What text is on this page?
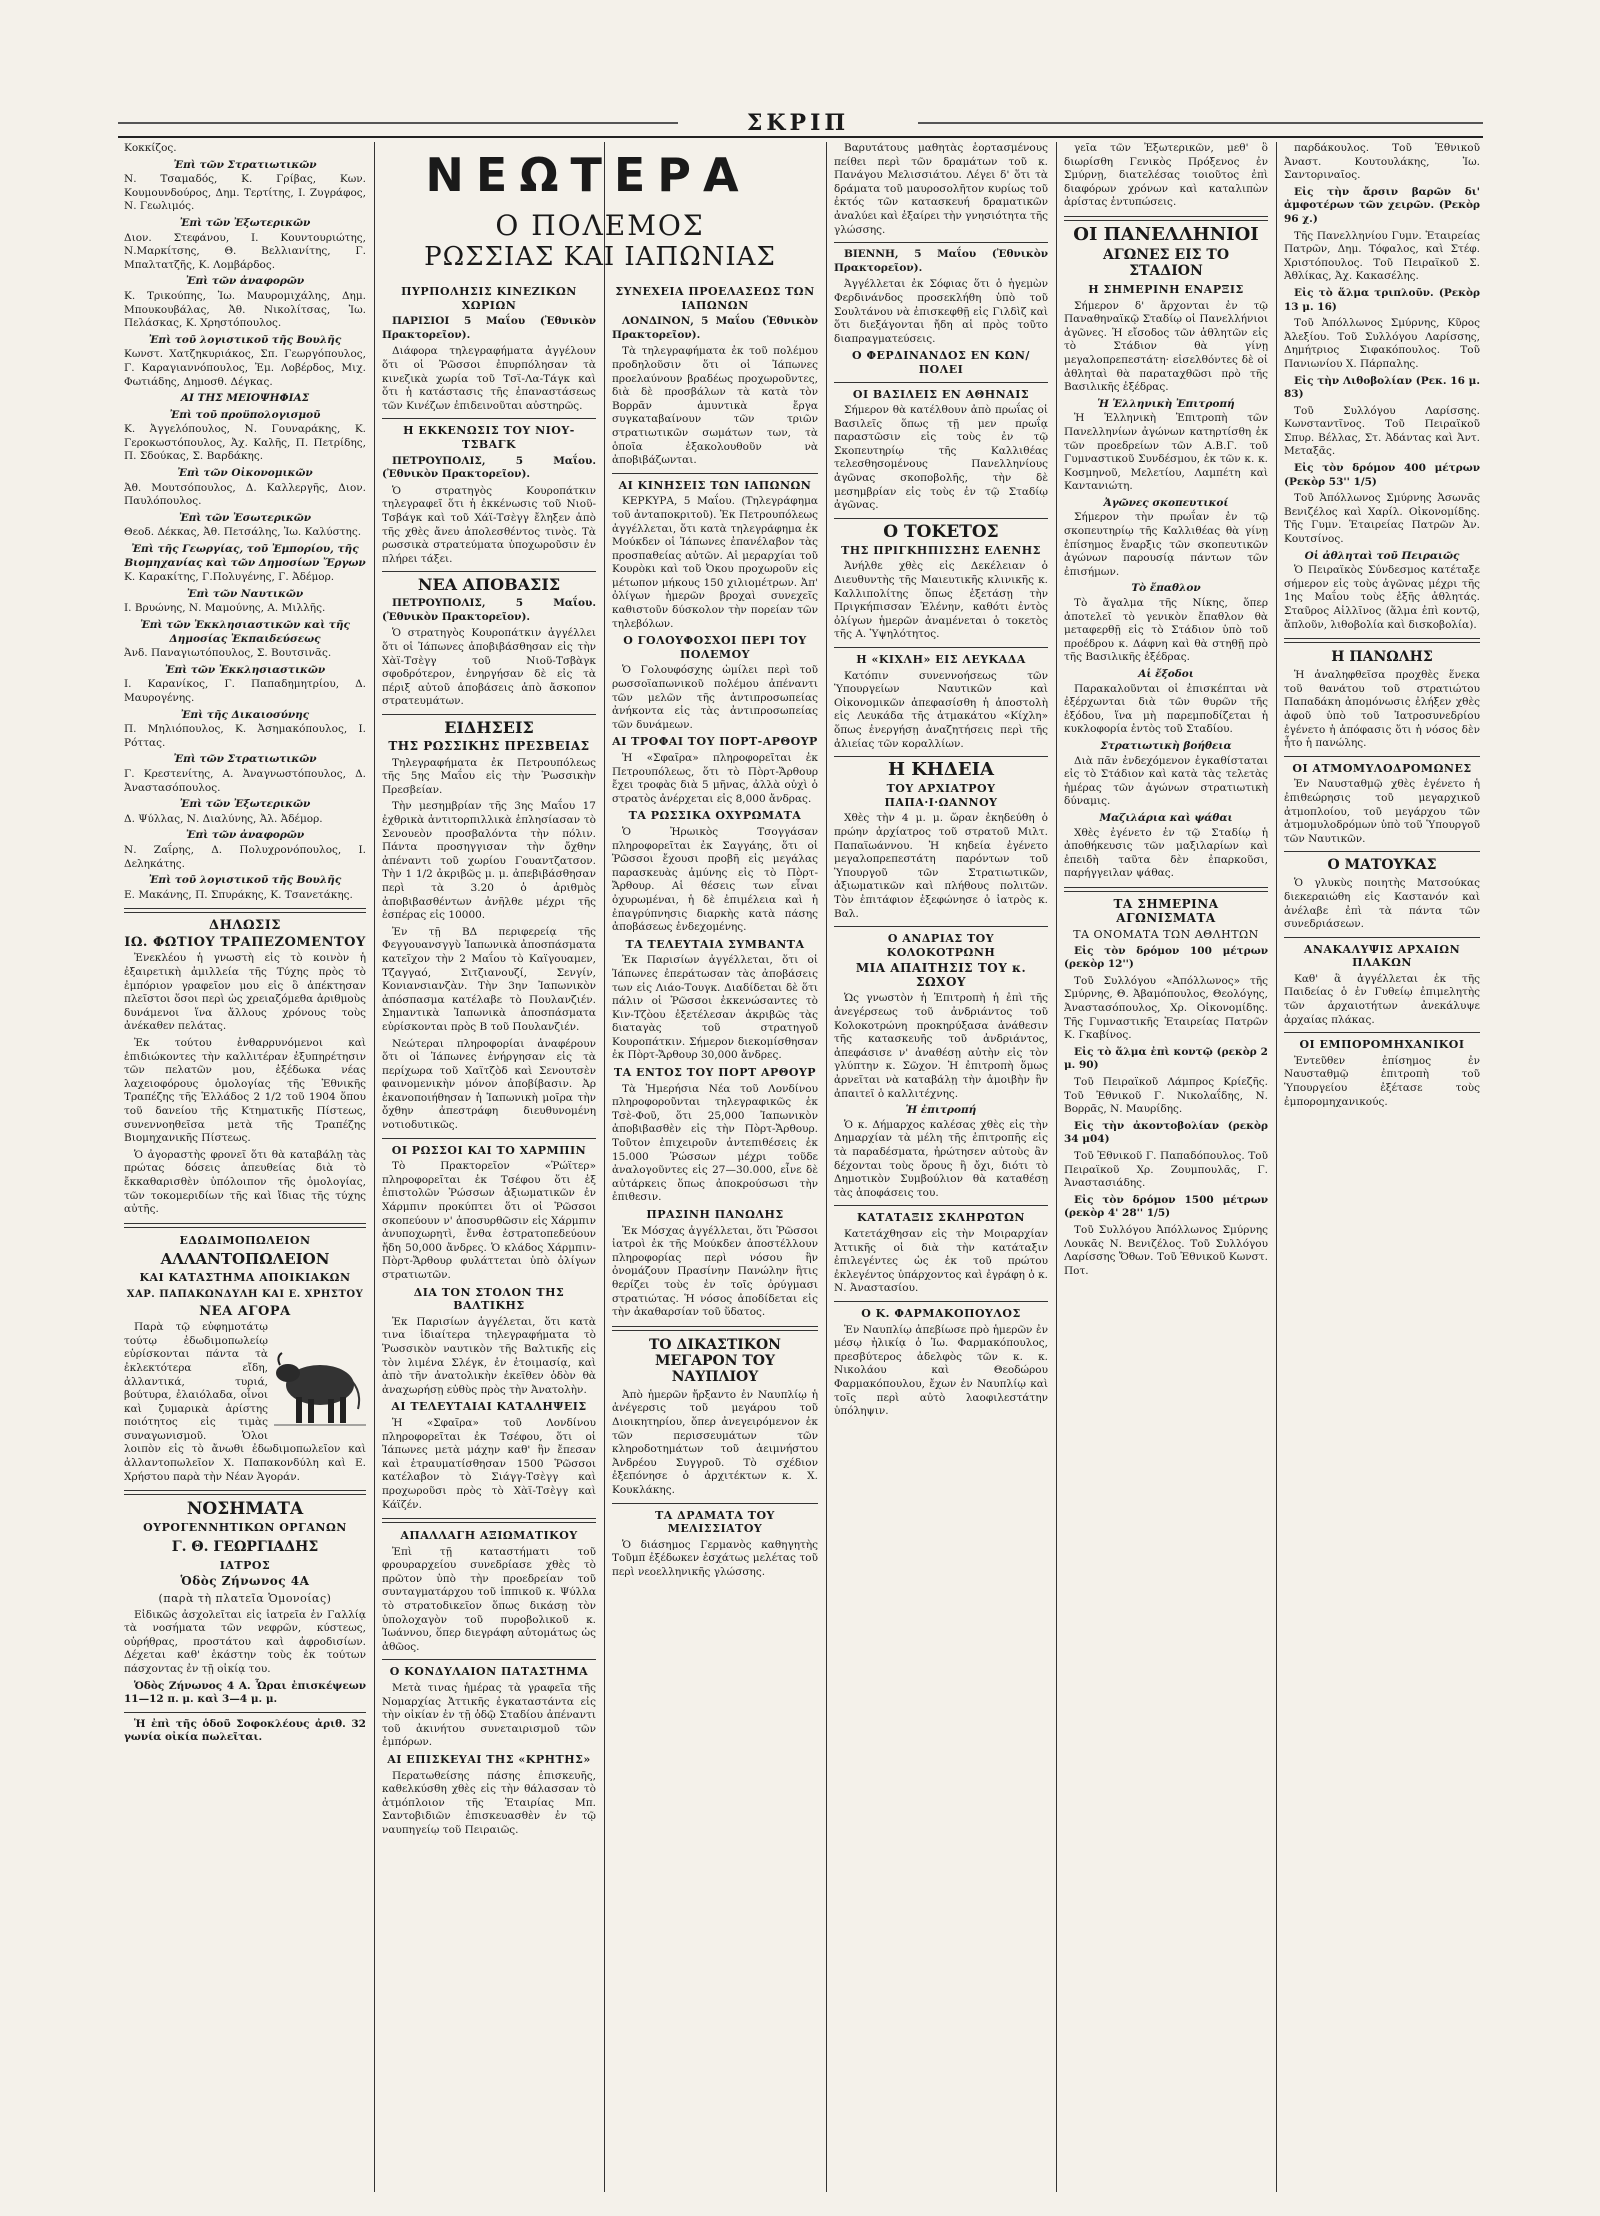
ΣΚΡΙΠ

Κοκκίζος.

Ἐπὶ τῶν Στρατιωτικῶν

Ν. Τσαμαδός, Κ. Γρίβας, Κων. Κουμουνδούρος, Δημ. Τερτίτης, Ι. Ζυγράφος, Ν. Γεωλιμός.

Ἐπὶ τῶν Ἐξωτερικῶν

Διον. Στεφάνου, Ι. Κουντουριώτης, Ν.Μαρκίτσης, Θ. Βελλιανίτης, Γ. Μπαλτατζῆς, Κ. Λομβάρδος.

Ἐπὶ τῶν ἀναφορῶν

Κ. Τρικούπης, Ἰω. Μαυρομιχάλης, Δημ. Μπουκουβάλας, Ἀθ. Νικολίτσας, Ἰω. Πελάσκας, Κ. Χρηστόπουλος.

Ἐπὶ τοῦ λογιστικοῦ τῆς Βουλῆς

Κωνστ. Χατζηκυριάκος, Σπ. Γεωργόπουλος, Γ. Καραγιαννόπουλος, Ἐμ. Λοβέρδος, Μιχ. Φωτιάδης, Δημοσθ. Δέγκας.

ΑΙ ΤΗΣ ΜΕΙΟΨΗΦΙΑΣ
Ἐπὶ τοῦ προϋπολογισμοῦ

Κ. Ἀγγελόπουλος, Ν. Γουναράκης, Κ. Γεροκωστόπουλος, Ἀχ. Καλῆς, Π. Πετρίδης, Π. Σδούκας, Σ. Βαρδάκης.

Ἐπὶ τῶν Οἰκονομικῶν

Ἀθ. Μουτσόπουλος, Δ. Καλλεργῆς, Διον. Παυλόπουλος.

Ἐπὶ τῶν Ἐσωτερικῶν

Θεοδ. Δέκκας, Ἀθ. Πετσάλης, Ἰω. Καλύστης.

Ἐπὶ τῆς Γεωργίας, τοῦ Ἐμπορίου, τῆς Βιομηχανίας καὶ τῶν Δημοσίων Ἔργων

Κ. Καρακίτης, Γ.Πολυγένης, Γ. Ἀδέμορ.

Ἐπὶ τῶν Ναυτικῶν

Ι. Βρυώνης, Ν. Μαμούνης, Α. Μιλλῆς.

Ἐπὶ τῶν Ἐκκλησιαστικῶν καὶ τῆς Δημοσίας Ἐκπαιδεύσεως

Ἀνδ. Παναγιωτόπουλος, Σ. Βουτσινᾶς.

Ἐπὶ τῶν Ἐκκλησιαστικῶν

Ι. Καρανίκος, Γ. Παπαδημητρίου, Δ. Μαυρογένης.

Ἐπὶ τῆς Δικαιοσύνης

Π. Μηλιόπουλος, Κ. Ἀσημακόπουλος, Ι. Ρόττας.

Ἐπὶ τῶν Στρατιωτικῶν

Γ. Κρεστενίτης, Α. Ἀναγνωστόπουλος, Δ. Ἀναστασόπουλος.

Ἐπὶ τῶν Ἐξωτερικῶν

Δ. Ψύλλας, Ν. Διαλύνης, Ἀλ. Ἀδέμορ.

Ἐπὶ τῶν ἀναφορῶν

Ν. Ζαΐρης, Δ. Πολυχρονόπουλος, Ι. Δεληκάτης.

Ἐπὶ τοῦ λογιστικοῦ τῆς Βουλῆς

Ε. Μακάνης, Π. Σπυράκης, Κ. Τσανετάκης.

ΔΗΛΩΣΙΣ
ΙΩ. ΦΩΤΙΟΥ ΤΡΑΠΕΖΟΜΕΝΤΟΥ

Ἐνεκλέου ἡ γνωστὴ εἰς τὸ κοινὸν ἡ ἐξαιρετικὴ ἀμιλλεία τῆς Τύχης πρὸς τὸ ἐμπόριον γραφεῖον μου εἰς ὃ ἀπέκτησαν πλεῖστοι ὅσοι περὶ ὡς χρειαζόμεθα ἀριθμοὺς δυνάμενοι ἵνα ἄλλους χρόνους τοὺς ἀνέκαθεν πελάτας.

Ἐκ τούτου ἐνθαρρυνόμενοι καὶ ἐπιδιώκοντες τὴν καλλιτέραν ἐξυπηρέτησιν τῶν πελατῶν μου, ἐξέδωκα νέας λαχειοφόρους ὁμολογίας τῆς Ἐθνικῆς Τραπέζης τῆς Ἑλλάδος 2 1/2 τοῦ 1904 ὅπου τοῦ δανείου τῆς Κτηματικῆς Πίστεως, συνεννοηθεῖσα μετὰ τῆς Τραπέζης Βιομηχανικῆς Πίστεως.

Ὁ ἀγοραστὴς φρονεῖ ὅτι θὰ καταβάλῃ τὰς πρώτας δόσεις ἀπευθείας διὰ τὸ ἔκκαθαρισθὲν ὑπόλοιπον τῆς ὁμολογίας, τῶν τοκομεριδίων τῆς καὶ ἴδιας τῆς τύχης αὐτῆς.

ΕΔΩΔΙΜΟΠΩΛΕΙΟΝ
ΑΛΛΑΝΤΟΠΩΛΕΙΟΝ
ΚΑΙ ΚΑΤΑΣΤΗΜΑ ΑΠΟΙΚΙΑΚΩΝ
ΧΑΡ. ΠΑΠΑΚΩΝΔΥΛΗ ΚΑΙ Ε. ΧΡΗΣΤΟΥ
ΝΕΑ ΑΓΟΡΑ

Παρὰ τῷ εὐφημοτάτῳ τούτῳ ἐδωδιμοπωλείῳ εὑρίσκονται πάντα τὰ ἐκλεκτότερα εἴδη, ἀλλαντικά, τυριά, βούτυρα, ἐλαιόλαδα, οἶνοι καὶ ζυμαρικὰ ἀρίστης ποιότητος εἰς τιμὰς συναγωνισμοῦ. Ὁλοι λοιπὸν εἰς τὸ ἄνωθι ἐδωδιμοπωλεῖον καὶ ἀλλαντοπωλεῖον Χ. Παπακονδύλη καὶ Ε. Χρήστου παρὰ τὴν Νέαν Ἀγοράν.

ΝΟΣΗΜΑΤΑ
ΟΥΡΟΓΕΝΝΗΤΙΚΩΝ ΟΡΓΑΝΩΝ
Γ. Θ. ΓΕΩΡΓΙΑΔΗΣ
ΙΑΤΡΟΣ
Ὁδὸς Ζήνωνος 4Α
(παρὰ τὴ πλατεῖα Ὁμονοίας)

Εἰδικῶς ἀσχολεῖται εἰς ἰατρεῖα ἐν Γαλλίᾳ τὰ νοσήματα τῶν νεφρῶν, κύστεως, οὐρήθρας, προστάτου καὶ ἀφροδισίων. Δέχεται καθ' ἑκάστην τοὺς ἐκ τούτων πάσχοντας ἐν τῇ οἰκίᾳ του.

Ὁδὸς Ζήνωνος 4 Α. Ὧραι ἐπισκέψεων 11—12 π. μ. καὶ 3—4 μ. μ.

Ἡ ἐπὶ τῆς ὁδοῦ Σοφοκλέους ἀριθ. 32 γωνία οἰκία πωλεῖται.

ΝΕΩΤΕΡΑ
Ο ΠΟΛΕΜΟΣ
ΡΩΣΣΙΑΣ ΚΑΙ ΙΑΠΩΝΙΑΣ
ΠΥΡΠΟΛΗΣΙΣ ΚΙΝΕΖΙΚΩΝ ΧΩΡΙΩΝ

ΠΑΡΙΣΙΟΙ 5 Μαΐου (Ἐθνικὸν Πρακτορεῖον).

Διάφορα τηλεγραφήματα ἀγγέλουν ὅτι οἱ Ῥῶσσοι ἐπυρπόλησαν τὰ κινεζικὰ χωρία τοῦ Τσϊ-Λα-Τάγκ καὶ ὅτι ἡ κατάστασις τῆς ἐπαναστάσεως τῶν Κινέζων ἐπιδεινοῦται αὐστηρῶς.

Η ΕΚΚΕΝΩΣΙΣ ΤΟΥ ΝΙΟΥ-ΤΣΒΑΓΚ

ΠΕΤΡΟΥΠΟΛΙΣ, 5 Μαΐου. (Ἐθνικὸν Πρακτορεῖον).

Ὁ στρατηγὸς Κουροπάτκιν τηλεγραφεῖ ὅτι ἡ ἐκκένωσις τοῦ Νιοῦ-Τσβάγκ καὶ τοῦ Χάϊ-Τσὲγγ ἔληξεν ἀπὸ τῆς χθὲς ἄνευ ἀπολεσθέντος τινὸς. Τὰ ρωσσικὰ στρατεύματα ὑποχωροῦσιν ἐν πλήρει τάξει.

ΝΕΑ ΑΠΟΒΑΣΙΣ

ΠΕΤΡΟΥΠΟΛΙΣ, 5 Μαΐου. (Ἐθνικὸν Πρακτορεῖον).

Ὁ στρατηγὸς Κουροπάτκιν ἀγγέλλει ὅτι οἱ Ἰάπωνες ἀποβιβάσθησαν εἰς τὴν Χὰϊ-Τσὲγγ τοῦ Νιοῦ-Τσβὰγκ σφοδρότερον, ἐνηργήσαν δὲ εἰς τὰ πέριξ αὐτοῦ ἀποβάσεις ἀπὸ ἄσκοπον στρατευμάτων.

ΕΙΔΗΣΕΙΣ
ΤΗΣ ΡΩΣΣΙΚΗΣ ΠΡΕΣΒΕΙΑΣ

Τηλεγραφήματα ἐκ Πετρουπόλεως τῆς 5ης Μαΐου εἰς τὴν Ῥωσσικὴν Πρεσβείαν.

Τὴν μεσημβρίαν τῆς 3ης Μαΐου 17 ἐχθρικὰ ἀντιτορπιλλικὰ ἐπλησίασαν τὸ Σενουεὸν προσβαλόντα τὴν πόλιν. Πάντα προσηγγισαν τὴν ὄχθην ἀπέναντι τοῦ χωρίου Γουαντζατσον. Τὴν 1 1/2 ἀκριβῶς μ. μ. ἀπεβιβάσθησαν περὶ τὰ 3.20 ὁ ἀριθμὸς ἀποβιβασθέντων ἀνῆλθε μέχρι τῆς ἐσπέρας εἰς 10000.

Ἐν τῇ ΒΔ περιφερείᾳ τῆς Φεγγουανσγγὺ Ἰαπωνικὰ ἀποσπάσματα κατεῖχον τὴν 2 Μαΐου τὸ Καϊγουαμεν, Τζαγγαό, Σιτζιανουζί, Σενγίν, Κονιανσιανζὰν. Τὴν 3ην Ἰαπωνικὸν ἀπόσπασμα κατέλαβε τὸ Πουλανζιέν. Σημαντικὰ Ἰαπωνικὰ ἀποσπάσματα εὑρίσκονται πρὸς Β τοῦ Πουλανζιέν.

Νεώτεραι πληροφορίαι ἀναφέρουν ὅτι οἱ Ἰάπωνες ἐνήργησαν εἰς τὰ περίχωρα τοῦ Χαϊτζὸδ καὶ Σενουτσὲν φαινομενικὴν μόνον ἀποβίβασιν. Ἀρ ἐκανοποιήθησαν ἡ Ἰαπωνικὴ μοῖρα τὴν ὄχθην ἀπεστράφη διευθυνομένη νοτιοδυτικῶς.

ΟΙ ΡΩΣΣΟΙ ΚΑΙ ΤΟ ΧΑΡΜΠΙΝ

Τὸ Πρακτορεῖον «Ῥώϊτερ» πληροφορεῖται ἐκ Τσέφου ὅτι ἐξ ἐπιστολῶν Ῥώσσων ἀξιωματικῶν ἐν Χάρμπιν προκύπτει ὅτι οἱ Ῥῶσσοι σκοπεύουν ν' ἀποσυρθῶσιν εἰς Χάρμπιν ἀνυποχωρητὶ, ἔνθα ἐστρατοπεδεύουν ἤδη 50,000 ἄνδρες. Ὁ κλάδος Χάρμπιν-Πὸρτ-Ἄρθουρ φυλάττεται ὑπὸ ὀλίγων στρατιωτῶν.

ΔΙΑ ΤΟΝ ΣΤΟΛΟΝ ΤΗΣ ΒΑΛΤΙΚΗΣ

Ἐκ Παρισίων ἀγγέλεται, ὅτι κατὰ τινα ἰδιαίτερα τηλεγραφήματα τὸ Ῥωσσικὸν ναυτικὸν τῆς Βαλτικῆς εἰς τὸν λιμένα Σλέγκ, ἐν ἐτοιμασίᾳ, καὶ ἀπὸ τῆν ἀνατολικὴν ἐκεῖθεν ὁδὸν θὰ ἀναχωρήσῃ εὐθὺς πρὸς τὴν Ἀνατολὴν.

ΑΙ ΤΕΛΕΥΤΑΙΑΙ ΚΑΤΑΛΗΨΕΙΣ

Ἡ «Σφαῖρα» τοῦ Λονδίνου πληροφορεῖται ἐκ Τσέφου, ὅτι οἱ Ἰάπωνες μετὰ μάχην καθ' ἣν ἔπεσαν καὶ ἐτραυματίσθησαν 1500 Ῥῶσσοι κατέλαβον τὸ Σιάγγ-Τσὲγγ καὶ προχωροῦσι πρὸς τὸ Χὰϊ-Τσὲγγ καὶ Κάϊζέν.

ΑΠΑΛΛΑΓΗ ΑΞΙΩΜΑΤΙΚΟΥ

Ἐπὶ τῇ καταστήματι τοῦ φρουραρχείου συνεδρίασε χθὲς τὸ πρῶτον ὑπὸ τὴν προεδρείαν τοῦ συνταγματάρχου τοῦ ἱππικοῦ κ. Ψύλλα τὸ στρατοδικεῖον ὅπως δικάσῃ τὸν ὑπολοχαγὸν τοῦ πυροβολικοῦ κ. Ἰωάννου, ὅπερ διεγράφη αὐτομάτως ὡς ἀθῶος.

Ο ΚΟΝΔΥΛΑΙΟΝ ΠΑΤΑΣΤΗΜΑ

Μετὰ τινας ἡμέρας τὰ γραφεῖα τῆς Νομαρχίας Ἀττικῆς ἐγκαταστάντα εἰς τὴν οἰκίαν ἐν τῇ ὁδῷ Σταδίου ἀπέναντι τοῦ ἀκινήτου συνεταιρισμοῦ τῶν ἐμπόρων.

ΑΙ ΕΠΙΣΚΕΥΑΙ ΤΗΣ «ΚΡΗΤΗΣ»

Περατωθείσης πάσης ἐπισκευῆς, καθελκύσθη χθὲς εἰς τὴν θάλασσαν τὸ ἀτμόπλοιον τῆς Ἑταιρίας Μπ. Σαντοβιδιῶν ἐπισκευασθὲν ἐν τῷ ναυπηγείῳ τοῦ Πειραιῶς.

ΣΥΝΕΧΕΙΑ ΠΡΟΕΛΑΣΕΩΣ ΤΩΝ ΙΑΠΩΝΩΝ

ΛΟΝΔΙΝΟΝ, 5 Μαΐου (Ἐθνικὸν Πρακτορεῖον).

Τὰ τηλεγραφήματα ἐκ τοῦ πολέμου προδηλοῦσιν ὅτι οἱ Ἰάπωνες προελαύνουν βραδέως προχωροῦντες, διὰ δὲ προσβάλων τὰ κατὰ τὸν Βορρᾶν ἀμυντικὰ ἔργα συγκαταβαίνουν τῶν τριῶν στρατιωτικῶν σωμάτων των, τὰ ὁποῖα ἐξακολουθοῦν νὰ ἀποβιβάζωνται.

ΑΙ ΚΙΝΗΣΕΙΣ ΤΩΝ ΙΑΠΩΝΩΝ

ΚΕΡΚΥΡΑ, 5 Μαΐου. (Τηλεγράφημα τοῦ ἀνταποκριτοῦ). Ἐκ Πετρουπόλεως ἀγγέλλεται, ὅτι κατὰ τηλεγράφημα ἐκ Μούκδεν οἱ Ἰάπωνες ἐπανέλαβον τὰς προσπαθείας αὐτῶν. Αἱ μεραρχίαι τοῦ Κουρὸκι καὶ τοῦ Ὀκου προχωροῦν εἰς μέτωπον μήκους 150 χιλιομέτρων. Ἀπ' ὀλίγων ἡμερῶν βροχαὶ συνεχεῖς καθιστοῦν δύσκολον τὴν πορείαν τῶν τηλεβόλων.

Ο ΓΟΛΟΥΦΟΣΧΟΙ ΠΕΡΙ ΤΟΥ ΠΟΛΕΜΟΥ

Ὁ Γολουφόσχης ὡμίλει περὶ τοῦ ρωσσοϊαπωνικοῦ πολέμου ἀπέναντι τῶν μελῶν τῆς ἀντιπροσωπείας ἀνήκοντα εἰς τὰς ἀντιπροσωπείας τῶν δυνάμεων.

ΑΙ ΤΡΟΦΑΙ ΤΟΥ ΠΟΡΤ-ΑΡΘΟΥΡ

Ἡ «Σφαῖρα» πληροφορεῖται ἐκ Πετρουπόλεως, ὅτι τὸ Πὸρτ-Ἄρθουρ ἔχει τροφὰς διὰ 5 μῆνας, ἀλλὰ οὐχὶ ὁ στρατὸς ἀνέρχεται εἰς 8,000 ἄνδρας.

ΤΑ ΡΩΣΣΙΚΑ ΟΧΥΡΩΜΑΤΑ

Ὁ Ἠρωικὸς Τσογγάσαν πληροφορεῖται ἐκ Σαγγάης, ὅτι οἱ Ῥῶσσοι ἔχουσι προβῆ εἰς μεγάλας παρασκευὰς ἀμύνης εἰς τὸ Πὸρτ-Ἄρθουρ. Αἱ θέσεις των εἶναι ὀχυρωμέναι, ἡ δὲ ἐπιμέλεια καὶ ἡ ἐπαγρύπνησις διαρκὴς κατὰ πάσης ἀποβάσεως ἐνδεχομένης.

ΤΑ ΤΕΛΕΥΤΑΙΑ ΣΥΜΒΑΝΤΑ

Ἐκ Παρισίων ἀγγέλλεται, ὅτι οἱ Ἰάπωνες ἐπεράτωσαν τὰς ἀποβάσεις των εἰς Λιάο-Τουγκ. Διαδίδεται δὲ ὅτι πάλιν οἱ Ῥῶσσοι ἐκκενώσαντες τὸ Κιν-Τζὸου ἐξετέλεσαν ἀκριβῶς τὰς διαταγὰς τοῦ στρατηγοῦ Κουροπάτκιν. Σήμερον διεκομίσθησαν ἐκ Πὸρτ-Ἄρθουρ 30,000 ἄνδρες.

ΤΑ ΕΝΤΟΣ ΤΟΥ ΠΟΡΤ ΑΡΘΟΥΡ

Τὰ Ἡμερήσια Νέα τοῦ Λονδίνου πληροφοροῦνται τηλεγραφικῶς ἐκ Τσὲ-Φοῦ, ὅτι 25,000 Ἰαπωνικὸν ἀποβιβασθὲν εἰς τὴν Πὸρτ-Ἄρθουρ. Τοῦτον ἐπιχειροῦν ἀντεπιθέσεις ἐκ 15.000 Ῥώσσων μέχρι τοῦδε ἀναλογοῦντες εἰς 27—30.000, εἶνε δὲ αὐτάρκεις ὅπως ἀποκρούσωσι τὴν ἐπιθεσιν.

ΠΡΑΣΙΝΗ ΠΑΝΩΛΗΣ

Ἐκ Μόσχας ἀγγέλλεται, ὅτι Ῥῶσσοι ἰατροὶ ἐκ τῆς Μούκδεν ἀποστέλλουν πληροφορίας περὶ νόσου ἣν ὀνομάζουν Πρασίνην Πανώλην ἣτις θερίζει τοὺς ἐν τοῖς ὀρύγμασι στρατιώτας. Ἡ νόσος ἀποδίδεται εἰς τὴν ἀκαθαρσίαν τοῦ ὕδατος.

ΤΟ ΔΙΚΑΣΤΙΚΟΝ ΜΕΓΑΡΟΝ ΤΟΥ ΝΑΥΠΛΙΟΥ

Ἀπὸ ἡμερῶν ἤρξαντο ἐν Ναυπλίῳ ἡ ἀνέγερσις τοῦ μεγάρου τοῦ Διοικητηρίου, ὅπερ ἀνεγειρόμενον ἐκ τῶν περισσευμάτων τῶν κληροδοτημάτων τοῦ ἀειμνήστου Ἀνδρέου Συγγροῦ. Τὸ σχέδιον ἐξεπόνησε ὁ ἀρχιτέκτων κ. Χ. Κουκλάκης.

ΤΑ ΔΡΑΜΑΤΑ ΤΟΥ ΜΕΛΙΣΣΙΑΤΟΥ

Ὁ διάσημος Γερμανὸς καθηγητὴς Τοῦμπ ἐξέδωκεν ἐσχάτως μελέτας τοῦ περὶ νεοελληνικῆς γλώσσης.

Βαρυτάτους μαθητὰς ἑορτασμένους πείθει περὶ τῶν δραμάτων τοῦ κ. Πανάγου Μελισσιάτου. Λέγει δ' ὅτι τὰ δράματα τοῦ μαυροσολῆτον κυρίως τοῦ ἐκτός τῶν κατασκευή δραματικῶν ἀναλύει καὶ ἐξαίρει τὴν γνησιότητα τῆς γλώσσης.

ΒΙΕΝΝΗ, 5 Μαΐου (Ἐθνικὸν Πρακτορεῖον).

Ἀγγέλλεται ἐκ Σόφιας ὅτι ὁ ἡγεμὼν Φερδινάνδος προσεκλήθη ὑπὸ τοῦ Σουλτάνου νὰ ἐπισκεφθῇ εἰς Γιλδὶζ καὶ ὅτι διεξάγονται ἤδη αἱ πρὸς τοῦτο διαπραγματεύσεις.

Ο ΦΕΡΔΙΝΑΝΔΟΣ ΕΝ ΚΩΝ/ΠΟΛΕΙ
ΟΙ ΒΑΣΙΛΕΙΣ ΕΝ ΑΘΗΝΑΙΣ

Σήμερον θὰ κατέλθουν ἀπὸ πρωΐας οἱ Βασιλεῖς ὅπως τῇ μεν πρωΐᾳ παραστῶσιν εἰς τοὺς ἐν τῷ Σκοπευτηρίῳ τῆς Καλλιθέας τελεσθησομένους Πανελληνίους ἀγῶνας σκοποβολῆς, τὴν δὲ μεσημβρίαν εἰς τοὺς ἐν τῷ Σταδίῳ ἀγῶνας.

Ο ΤΟΚΕΤΟΣ
ΤΗΣ ΠΡΙΓΚΗΠΙΣΣΗΣ ΕΛΕΝΗΣ

Ἀνήλθε χθὲς εἰς Δεκέλειαν ὁ Διευθυντὴς τῆς Μαιευτικῆς κλινικῆς κ. Καλλιπολίτης ὅπως ἐξετάσῃ τὴν Πριγκήπισσαν Ἑλένην, καθότι ἐντὸς ὀλίγων ἡμερῶν ἀναμένεται ὁ τοκετὸς τῆς Α. Ὑψηλότητος.

Η «ΚΙΧΛΗ» ΕΙΣ ΛΕΥΚΑΔΑ

Κατόπιν συνεννοήσεως τῶν Ὑπουργείων Ναυτικῶν καὶ Οἰκονομικῶν ἀπεφασίσθη ἡ ἀποστολὴ εἰς Λευκάδα τῆς ἀτμακάτου «Κίχλη» ὅπως ἐνεργήσῃ ἀναζητήσεις περὶ τῆς ἁλιείας τῶν κοραλλίων.

Η ΚΗΔΕΙΑ
ΤΟΥ ΑΡΧΙΑΤΡΟΥ ΠΑΠΑ·Ι·ΩΑΝΝΟΥ

Χθὲς τὴν 4 μ. μ. ὥραν ἐκηδεύθη ὁ πρώην ἀρχίατρος τοῦ στρατοῦ Μιλτ. Παπαϊωάννου. Ἡ κηδεία ἐγένετο μεγαλοπρεπεστάτη παρόντων τοῦ Ὑπουργοῦ τῶν Στρατιωτικῶν, ἀξιωματικῶν καὶ πλήθους πολιτῶν. Τὸν ἐπιτάφιον ἐξεφώνησε ὁ ἰατρὸς κ. Βαλ.

Ο ΑΝΔΡΙΑΣ ΤΟΥ ΚΟΛΟΚΟΤΡΩΝΗ
ΜΙΑ ΑΠΑΙΤΗΣΙΣ ΤΟΥ κ. ΣΩΧΟΥ

Ὡς γνωστὸν ἡ Ἐπιτροπὴ ἡ ἐπὶ τῆς ἀνεγέρσεως τοῦ ἀνδριάντος τοῦ Κολοκοτρώνη προκηρύξασα ἀνάθεσιν τῆς κατασκευῆς τοῦ ἀνδριάντος, ἀπεφάσισε ν' ἀναθέσῃ αὐτὴν εἰς τὸν γλύπτην κ. Σῶχον. Ἡ ἐπιτροπὴ ὅμως ἀρνεῖται νὰ καταβάλῃ τὴν ἀμοιβὴν ἣν ἀπαιτεῖ ὁ καλλιτέχνης.

Ἡ ἐπιτροπή

Ὁ κ. Δήμαρχος καλέσας χθὲς εἰς τὴν Δημαρχίαν τὰ μέλη τῆς ἐπιτροπῆς εἰς τὰ παραδέσματα, ἠρώτησεν αὐτοὺς ἂν δέχονται τοὺς ὅρους ἢ ὄχι, διότι τὸ Δημοτικὸν Συμβούλιον θὰ καταθέσῃ τὰς ἀποφάσεις του.

ΚΑΤΑΤΑΞΙΣ ΣΚΛΗΡΩΤΩΝ

Κατετάχθησαν εἰς τὴν Μοιραρχίαν Ἀττικῆς οἱ διὰ τὴν κατάταξιν ἐπιλεγέντες ὡς ἐκ τοῦ πρώτου ἐκλεγέντος ὑπάρχοντος καὶ ἐγράφη ὁ κ. Ν. Ἀναστασίου.

Ο Κ. ΦΑΡΜΑΚΟΠΟΥΛΟΣ

Ἐν Ναυπλίῳ ἀπεβίωσε πρὸ ἡμερῶν ἐν μέσῳ ἡλικίᾳ ὁ Ἰω. Φαρμακόπουλος, πρεσβύτερος ἀδελφὸς τῶν κ. κ. Νικολάου καὶ Θεοδώρου Φαρμακόπουλου, ἔχων ἐν Ναυπλίῳ καὶ τοῖς περὶ αὐτὸ λαοφιλεστάτην ὑπόληψιν.

γεῖα τῶν Ἐξωτερικῶν, μεθ' ὃ διωρίσθη Γενικὸς Πρόξενος ἐν Σμύρνῃ, διατελέσας τοιοῦτος ἐπὶ διαφόρων χρόνων καὶ καταλιπὼν ἀρίστας ἐντυπώσεις.

ΟΙ ΠΑΝΕΛΛΗΝΙΟΙ
ΑΓΩΝΕΣ ΕΙΣ ΤΟ ΣΤΑΔΙΟΝ
Η ΣΗΜΕΡΙΝΗ ΕΝΑΡΞΙΣ

Σήμερον δ' ἄρχονται ἐν τῷ Παναθηναϊκῷ Σταδίῳ οἱ Πανελλήνιοι ἀγῶνες. Ἡ εἴσοδος τῶν ἀθλητῶν εἰς τὸ Στάδιον θὰ γίνῃ μεγαλοπρεπεστάτη· εἰσελθόντες δὲ οἱ ἀθληταὶ θὰ παραταχθῶσι πρὸ τῆς Βασιλικῆς ἐξέδρας.

Ἡ Ἑλληνικὴ Ἐπιτροπή

Ἡ Ἑλληνικὴ Ἐπιτροπὴ τῶν Πανελληνίων ἀγώνων κατηρτίσθη ἐκ τῶν προεδρείων τῶν Α.Β.Γ. τοῦ Γυμναστικοῦ Συνδέσμου, ἐκ τῶν κ. κ. Κοσμηνοῦ, Μελετίου, Λαμπέτη καὶ Καντανιώτη.

Ἀγῶνες σκοπευτικοί

Σήμερον τὴν πρωΐαν ἐν τῷ σκοπευτηρίῳ τῆς Καλλιθέας θὰ γίνῃ ἐπίσημος ἔναρξις τῶν σκοπευτικῶν ἀγώνων παρουσίᾳ πάντων τῶν ἐπισήμων.

Τὸ ἔπαθλον

Τὸ ἄγαλμα τῆς Νίκης, ὅπερ ἀποτελεῖ τὸ γενικὸν ἔπαθλον θὰ μεταφερθῇ εἰς τὸ Στάδιον ὑπὸ τοῦ προέδρου κ. Δάφνη καὶ θὰ στηθῇ πρὸ τῆς Βασιλικῆς ἐξέδρας.

Αἱ ἔξοδοι

Παρακαλοῦνται οἱ ἐπισκέπται νὰ ἐξέρχωνται διὰ τῶν θυρῶν τῆς ἐξόδου, ἵνα μὴ παρεμποδίζεται ἡ κυκλοφορία ἐντὸς τοῦ Σταδίου.

Στρατιωτικὴ βοήθεια

Διὰ πᾶν ἐνδεχόμενον ἐγκαθίσταται εἰς τὸ Στάδιον καὶ κατὰ τὰς τελετὰς ἡμέρας τῶν ἀγώνων στρατιωτικὴ δύναμις.

Μαζιλάρια καὶ ψάθαι

Χθὲς ἐγένετο ἐν τῷ Σταδίῳ ἡ ἀποθήκευσις τῶν μαξιλαρίων καὶ ἐπειδὴ ταῦτα δὲν ἐπαρκοῦσι, παρήγγειλαν ψάθας.

ΤΑ ΣΗΜΕΡΙΝΑ ΑΓΩΝΙΣΜΑΤΑ
ΤΑ ΟΝΟΜΑΤΑ ΤΩΝ ΑΘΛΗΤΩΝ

Εἰς τὸν δρόμον 100 μέτρων (ρεκὸρ 12'')

Τοῦ Συλλόγου «Ἀπόλλωνος» τῆς Σμύρνης, Θ. Ἀβαμόπουλος, Θεολόγης, Ἀναστασόπουλος, Χρ. Οἰκονομίδης. Τῆς Γυμναστικῆς Ἑταιρείας Πατρῶν Κ. Γκαβίνος.

Εἰς τὸ ἅλμα ἐπὶ κοντῷ (ρεκὸρ 2 μ. 90)

Τοῦ Πειραϊκοῦ Λάμπρος Κρίεζῆς. Τοῦ Ἐθνικοῦ Γ. Νικολαΐδης, Ν. Βορρᾶς, Ν. Μαυρίδης.

Εἰς τὴν ἀκοντοβολίαν (ρεκὸρ 34 μ04)

Τοῦ Ἐθνικοῦ Γ. Παπαδόπουλος. Τοῦ Πειραϊκοῦ Χρ. Ζουμπουλᾶς, Γ. Ἀναστασιάδης.

Εἰς τὸν δρόμον 1500 μέτρων (ρεκὸρ 4' 28'' 1/5)

Τοῦ Συλλόγου Ἀπόλλωνος Σμύρνης Λουκᾶς Ν. Βενιζέλος. Τοῦ Συλλόγου Λαρίσσης Ὄθων. Τοῦ Ἐθνικοῦ Κωνστ. Ποτ.

παρδάκουλος. Τοῦ Ἐθνικοῦ Ἀναστ. Κουτουλάκης, Ἰω. Σαντοριναῖος.

Εἰς τὴν ἄρσιν βαρῶν δι' ἀμφοτέρων τῶν χειρῶν. (Ρεκὸρ 96 χ.)

Τῆς Πανελληνίου Γυμν. Ἑταιρείας Πατρῶν, Δημ. Τόφαλος, καὶ Στέφ. Χριστόπουλος. Τοῦ Πειραϊκοῦ Σ. Ἀθλίκας, Ἀχ. Κακασέλης.

Εἰς τὸ ἅλμα τριπλοῦν. (Ρεκὸρ 13 μ. 16)

Τοῦ Ἀπόλλωνος Σμύρνης, Κῦρος Ἀλεξίου. Τοῦ Συλλόγου Λαρίσσης, Δημήτριος Σιφακόπουλος. Τοῦ Πανιωνίου Χ. Πάρπαλης.

Εἰς τὴν Λιθοβολίαν (Ρεκ. 16 μ. 83)

Τοῦ Συλλόγου Λαρίσσης. Κωνσταντῖνος. Τοῦ Πειραϊκοῦ Σπυρ. Βέλλας, Στ. Ἀδάντας καὶ Ἀντ. Μεταξᾶς.

Εἰς τὸν δρόμον 400 μέτρων (Ρεκὸρ 53'' 1/5)

Τοῦ Ἀπόλλωνος Σμύρνης Ἀσωνᾶς Βενιζέλος καὶ Χαρίλ. Οἰκονομίδης. Τῆς Γυμν. Ἑταιρείας Πατρῶν Ἀν. Κουτσίνος.

Οἱ ἀθληταὶ τοῦ Πειραιῶς

Ὁ Πειραϊκὸς Σύνδεσμος κατέταξε σήμερον εἰς τοὺς ἀγῶνας μέχρι τῆς 1ης Μαΐου τοὺς ἑξῆς ἀθλητάς. Σταῦρος Αἰλλῖνος (ἅλμα ἐπὶ κοντῷ, ἄπλοῦν, λιθοβολία καὶ δισκοβολία).

Η ΠΑΝΩΛΗΣ

Ἡ ἀναληφθεῖσα προχθὲς ἕνεκα τοῦ θανάτου τοῦ στρατιώτου Παπαδάκη ἀπομόνωσις ἐλήξεν χθὲς ἀφοῦ ὑπὸ τοῦ Ἰατροσυνεδρίου ἐγένετο ἡ ἀπόφασις ὅτι ἡ νόσος δὲν ἦτο ἡ πανώλης.

ΟΙ ΑΤΜΟΜΥΛΟΔΡΟΜΩΝΕΣ

Ἐν Ναυσταθμῷ χθὲς ἐγένετο ἡ ἐπιθεώρησις τοῦ μεγαρχικοῦ ἀτμοπλοίου, τοῦ μεγάρχου τῶν ἀτμομυλοδρόμων ὑπὸ τοῦ Ὑπουργοῦ τῶν Ναυτικῶν.

Ο ΜΑΤΟΥΚΑΣ

Ὁ γλυκὺς ποιητὴς Ματσούκας διεκεραιώθη εἰς Καστανόν καὶ ἀνέλαβε ἐπὶ τὰ πάντα τῶν συνεδριάσεων.

ΑΝΑΚΑΛΥΨΙΣ ΑΡΧΑΙΩΝ ΠΛΑΚΩΝ

Καθ' ἃ ἀγγέλλεται ἐκ τῆς Παιδείας ὁ ἐν Γυθείῳ ἐπιμελητὴς τῶν ἀρχαιοτήτων ἀνεκάλυψε ἀρχαίας πλάκας.

ΟΙ ΕΜΠΟΡΟΜΗΧΑΝΙΚΟΙ

Ἐντεῦθεν ἐπίσημος ἐν Ναυσταθμῷ ἐπιτροπὴ τοῦ Ὑπουργείου ἐξέτασε τοὺς ἐμπορομηχανικούς.
